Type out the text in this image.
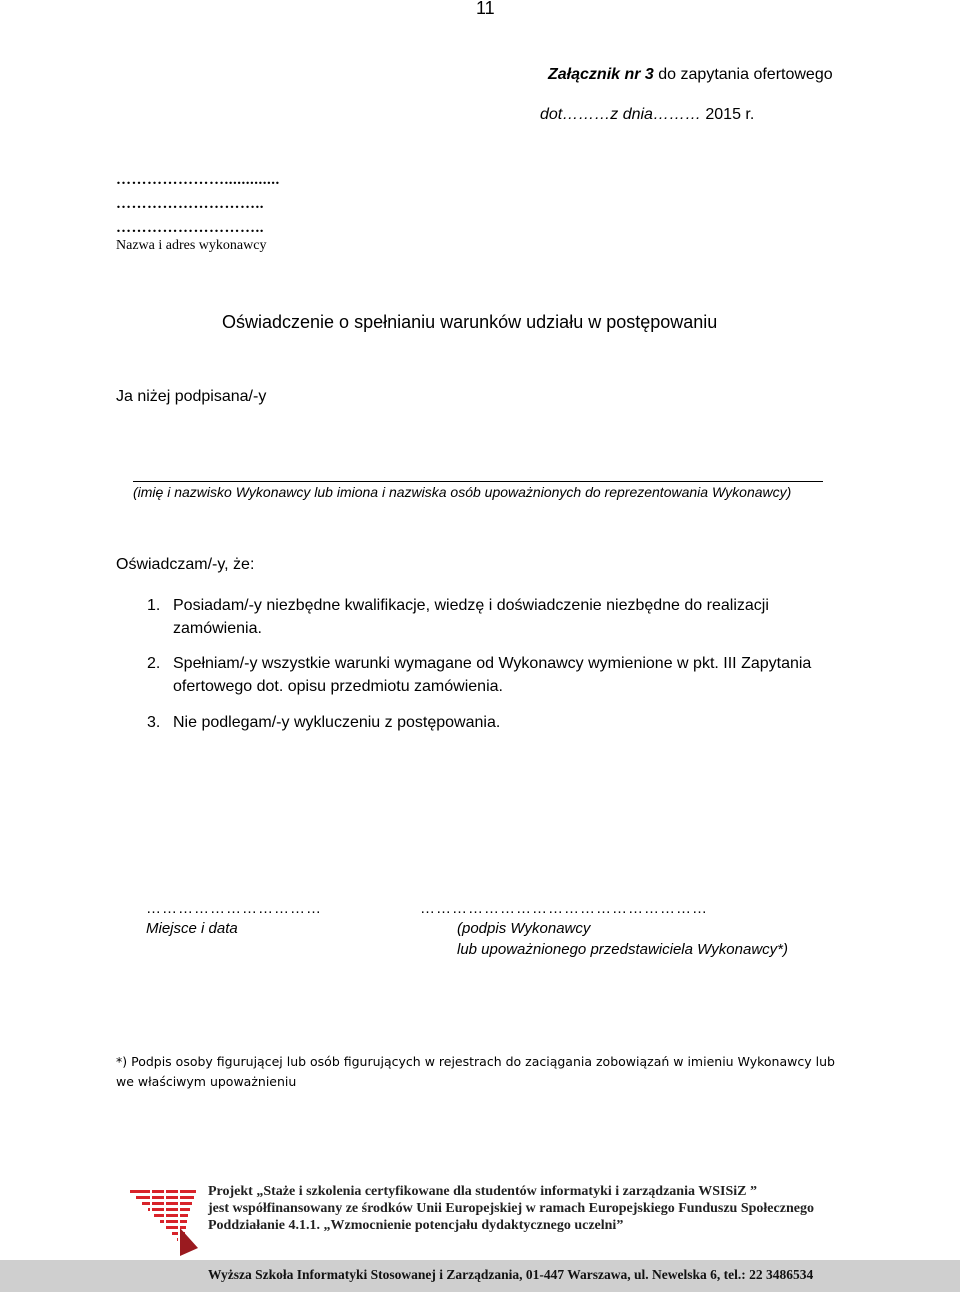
11
Załącznik nr 3 do zapytania ofertowego
dot………z dnia……… 2015 r.
………………….............
………………………..
………………………..
Nazwa i adres wykonawcy
Oświadczenie o spełnianiu warunków udziału w postępowaniu
Ja niżej podpisana/-y
(imię i nazwisko Wykonawcy lub imiona i nazwiska osób upoważnionych do reprezentowania Wykonawcy)
Oświadczam/-y, że:
1. Posiadam/-y niezbędne kwalifikacje, wiedzę i doświadczenie niezbędne do realizacji zamówienia.
2. Spełniam/-y wszystkie warunki wymagane od Wykonawcy wymienione w pkt. III Zapytania ofertowego dot. opisu przedmiotu zamówienia.
3. Nie podlegam/-y wykluczeniu z postępowania.
……………………………	………………………………………………
Miejsce i data	(podpis Wykonawcy
lub upoważnionego przedstawiciela Wykonawcy*)
*) Podpis osoby figurującej lub osób figurujących w rejestrach do zaciągania zobowiązań w imieniu Wykonawcy lub we właściwym upoważnieniu
Projekt „Staże i szkolenia certyfikowane dla studentów informatyki i zarządzania WSISiZ ”
jest współfinansowany ze środków Unii Europejskiej w ramach Europejskiego Funduszu Społecznego
Poddziałanie 4.1.1. „Wzmocnienie potencjału dydaktycznego uczelni”
Wyższa Szkoła Informatyki Stosowanej i Zarządzania, 01-447 Warszawa, ul. Newelska 6, tel.: 22 3486534
